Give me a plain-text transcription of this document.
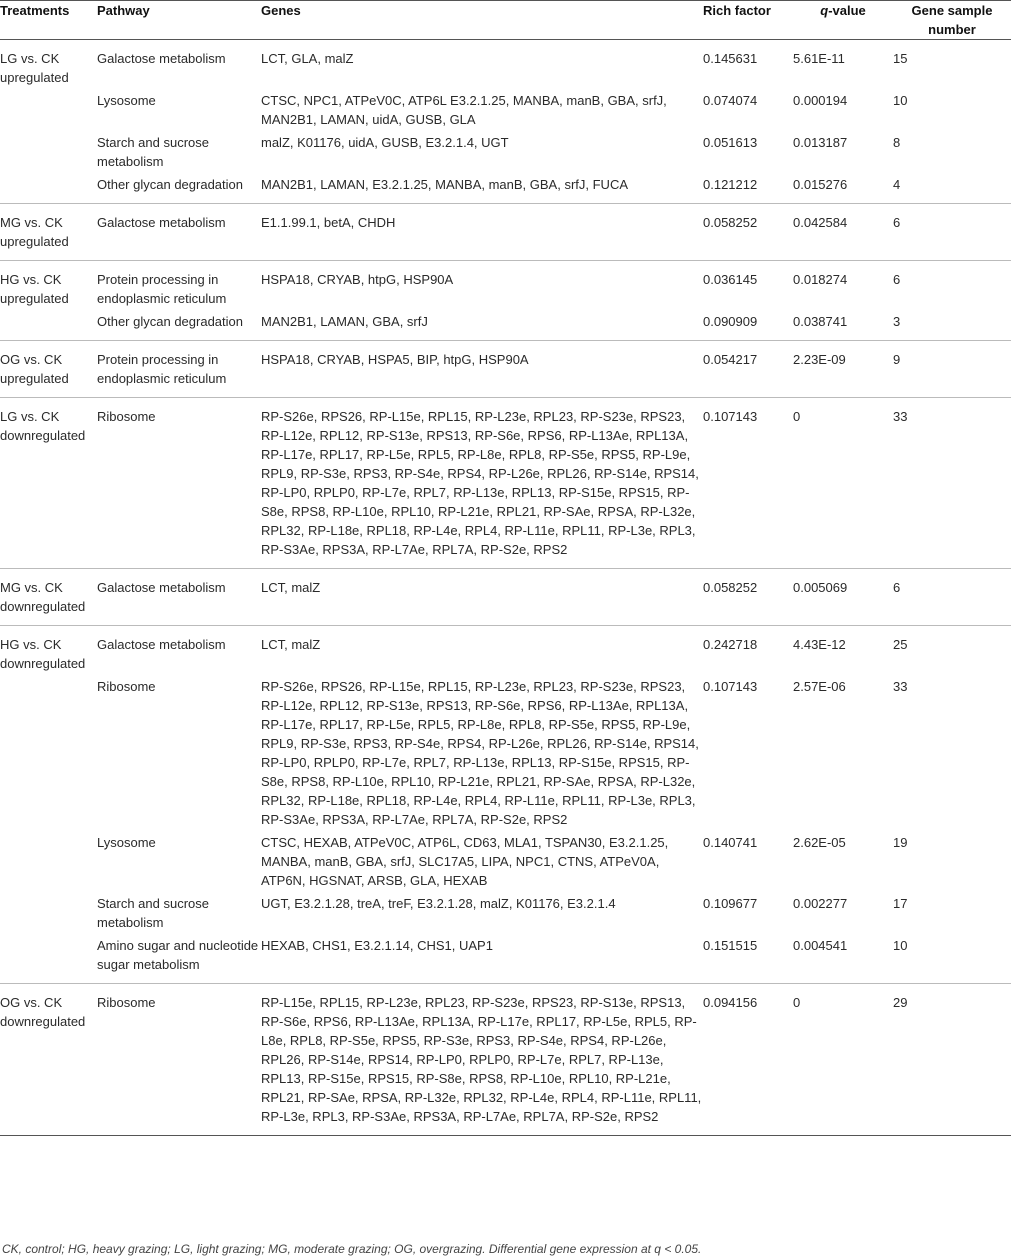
Treatments	Pathway	Genes	Rich factor	q-value	Gene sample number
LG vs. CK upregulated	Galactose metabolism	LCT, GLA, malZ	0.145631	5.61E-11	15
	Lysosome	CTSC, NPC1, ATPeV0C, ATP6L E3.2.1.25, MANBA, manB, GBA, srfJ, MAN2B1, LAMAN, uidA, GUSB, GLA	0.074074	0.000194	10
	Starch and sucrose metabolism	malZ, K01176, uidA, GUSB, E3.2.1.4, UGT	0.051613	0.013187	8
	Other glycan degradation	MAN2B1, LAMAN, E3.2.1.25, MANBA, manB, GBA, srfJ, FUCA	0.121212	0.015276	4
MG vs. CK upregulated	Galactose metabolism	E1.1.99.1, betA, CHDH	0.058252	0.042584	6
HG vs. CK upregulated	Protein processing in endoplasmic reticulum	HSPA18, CRYAB, htpG, HSP90A	0.036145	0.018274	6
	Other glycan degradation	MAN2B1, LAMAN, GBA, srfJ	0.090909	0.038741	3
OG vs. CK upregulated	Protein processing in endoplasmic reticulum	HSPA18, CRYAB, HSPA5, BIP, htpG, HSP90A	0.054217	2.23E-09	9
LG vs. CK downregulated	Ribosome	RP-S26e, RPS26, RP-L15e, RPL15, RP-L23e, RPL23, RP-S23e, RPS23, RP-L12e, RPL12, RP-S13e, RPS13, RP-S6e, RPS6, RP-L13Ae, RPL13A, RP-L17e, RPL17, RP-L5e, RPL5, RP-L8e, RPL8, RP-S5e, RPS5, RP-L9e, RPL9, RP-S3e, RPS3, RP-S4e, RPS4, RP-L26e, RPL26, RP-S14e, RPS14, RP-LP0, RPLP0, RP-L7e, RPL7, RP-L13e, RPL13, RP-S15e, RPS15, RP-S8e, RPS8, RP-L10e, RPL10, RP-L21e, RPL21, RP-SAe, RPSA, RP-L32e, RPL32, RP-L18e, RPL18, RP-L4e, RPL4, RP-L11e, RPL11, RP-L3e, RPL3, RP-S3Ae, RPS3A, RP-L7Ae, RPL7A, RP-S2e, RPS2	0.107143	0	33
MG vs. CK downregulated	Galactose metabolism	LCT, malZ	0.058252	0.005069	6
HG vs. CK downregulated	Galactose metabolism	LCT, malZ	0.242718	4.43E-12	25
	Ribosome	RP-S26e, RPS26, RP-L15e, RPL15, RP-L23e, RPL23, RP-S23e, RPS23, RP-L12e, RPL12, RP-S13e, RPS13, RP-S6e, RPS6, RP-L13Ae, RPL13A, RP-L17e, RPL17, RP-L5e, RPL5, RP-L8e, RPL8, RP-S5e, RPS5, RP-L9e, RPL9, RP-S3e, RPS3, RP-S4e, RPS4, RP-L26e, RPL26, RP-S14e, RPS14, RP-LP0, RPLP0, RP-L7e, RPL7, RP-L13e, RPL13, RP-S15e, RPS15, RP-S8e, RPS8, RP-L10e, RPL10, RP-L21e, RPL21, RP-SAe, RPSA, RP-L32e, RPL32, RP-L18e, RPL18, RP-L4e, RPL4, RP-L11e, RPL11, RP-L3e, RPL3, RP-S3Ae, RPS3A, RP-L7Ae, RPL7A, RP-S2e, RPS2	0.107143	2.57E-06	33
	Lysosome	CTSC, HEXAB, ATPeV0C, ATP6L, CD63, MLA1, TSPAN30, E3.2.1.25, MANBA, manB, GBA, srfJ, SLC17A5, LIPA, NPC1, CTNS, ATPeV0A, ATP6N, HGSNAT, ARSB, GLA, HEXAB	0.140741	2.62E-05	19
	Starch and sucrose metabolism	UGT, E3.2.1.28, treA, treF, E3.2.1.28, malZ, K01176, E3.2.1.4	0.109677	0.002277	17
	Amino sugar and nucleotide sugar metabolism	HEXAB, CHS1, E3.2.1.14, CHS1, UAP1	0.151515	0.004541	10
OG vs. CK downregulated	Ribosome	RP-L15e, RPL15, RP-L23e, RPL23, RP-S23e, RPS23, RP-S13e, RPS13, RP-S6e, RPS6, RP-L13Ae, RPL13A, RP-L17e, RPL17, RP-L5e, RPL5, RP-L8e, RPL8, RP-S5e, RPS5, RP-S3e, RPS3, RP-S4e, RPS4, RP-L26e, RPL26, RP-S14e, RPS14, RP-LP0, RPLP0, RP-L7e, RPL7, RP-L13e, RPL13, RP-S15e, RPS15, RP-S8e, RPS8, RP-L10e, RPL10, RP-L21e, RPL21, RP-SAe, RPSA, RP-L32e, RPL32, RP-L4e, RPL4, RP-L11e, RPL11, RP-L3e, RPL3, RP-S3Ae, RPS3A, RP-L7Ae, RPL7A, RP-S2e, RPS2	0.094156	0	29
CK, control; HG, heavy grazing; LG, light grazing; MG, moderate grazing; OG, overgrazing. Differential gene expression at q < 0.05.
